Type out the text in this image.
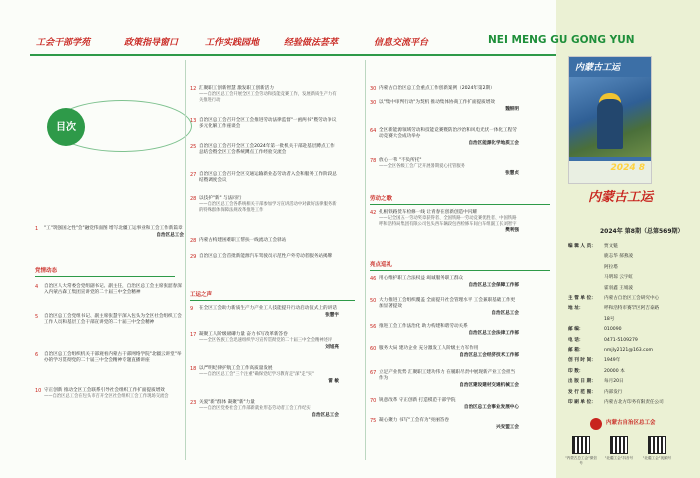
工会干部学苑	政策指导窗口	工作实践园地	经验做法荟萃	信息交流平台	NEI MENG GU GONG YUN
目次
1 "工"筑强国之性"会"融党伟面图 增写北疆工运事业和工会工作新篇章
自治区总工会
党情动态
4 自治区人大常委会党组副书记、副主任，自治区总工会主席张韶春深入内蒙古森工集团宣讲党的二十届三中全会精神
5 自治区总工会党组书记、副主席张慧宇深入包头为全区社会组织工会工作人员和基层工会干部宣讲党的二十届三中全会精神
6 自治区总工会组织机关干部观看内蒙古干部网络学院"北疆云讲堂"举办的学习贯彻党的二十届三中全会精神专题直播讲座
10 守正创新 推动全区工会联系引导社会组织工作扩面提质增效
——自治区总工会在包头市召开全区社会组织工会工作现场交流会
12 汇聚职工创新智慧 激发职工创新活力
——自治区总工会开展全区工会劳动和技能竞赛工作，发展新质生产力有关推进行动
13 自治区总工会召开全区工会推进劳动法律监督"一函两书"暨劳动争议多元化解工作座谈会
25 自治区总工会召开全区工会2024年第一批机关干部赴基层蹲点工作总结会暨全区工会系统蹲点工作经验交流会
27 自治区总工会召开全区交通运输新业态劳动者入会和服务工作阶段总结暨调度会议
28 以技护"新" 与法同行
——自治区总工会各系统相关干部参加学习宣讲活动中对做好法律服务新的特殊群体保障法规改革推进工作
28 内蒙古构建困难职工帮扶一线流动工会驿站
29 自治区总工会首批新能源汽车驾驶员示范性户外劳动者服务站揭牌
工运之声
9 在全区工会助力新质生产力产业工人技能提升行动启动仪式上的讲话
张慧宇
17 凝聚工人阶级磅礴力量 奋力书写改革新答卷
——全区各族工会迅速组织学习宣传贯彻党的二十届三中全会精神述评
刘旭亮
18 以严明纪律护航工会工作高质量发展
——自治区总工会"三个注重"确保党纪学习教育走"深"走"实"
雷 敏
23 关爱"新"群体 凝聚"新"力量
——自治区党委社会工作部新就业形态劳动者工会工作纪实
自治区总工会
30 内蒙古自治区总工会重点工作创新案例（2024年第2期）
30 以"集中审判行动"为契机 推动集体协商工作扩面提质增效
魏银明
64 全区新能源领域劳动和技能竞赛暨防治沙治和风电光伏一体化工程劳动竞赛大会成功举办
自治区能源化学地质工会
78 放心一苇 "不负所托"
——全区各级工会广泛开展暑期爱心托管服务
张慧贞
劳动之歌
42 扎根铁路货车检修一线 让青春在创新创造中闪耀
——记全国五一劳动奖章获得者、全国铁路一劳动竞赛优胜者、中国铁路呼和浩特局集团有限公司包头西车辆段包西检修车间白车组副工长刘智宇
樊利强
亮点巡礼
46 用心维护职工合法权益 竭诚服务职工群众
自治区总工会保障工作部
50 大力推进工会组织覆盖 全面提升社会管理水平 工会兼职基础工作更加显著提效
自治区总工会
56 推进工会工作法治化 助力构建和谐劳动关系
自治区总工会法律工作部
60 服务大局 建功企业 充分激发工人阶级主力军作用
自治区总工会经济技术工作部
67 立足产业优势 汇聚职工建功伟力 在履职尽责中展现新产业工会担当作为
自治区建设建材交通机械工会
70 锐意改革 守正创新 打造模范干部学院
自治区总工会事业发展中心
75 凝心聚力 书写"工会有为"亮丽答卷
兴安盟工会
内蒙古工运
2024 8
内蒙古工运
2024年 第8期（总第569期）
编 辑 人 员： 贾文魁
鹿志华 郝燕凌
阿拉塔
马明琼 云宇虹
霍羽鑫 王娟波
主 管 单 位： 内蒙古自治区工会研究中心
地 址：	呼和浩特市赛罕区阿吉泰路
18号
邮 编：	010090
电 话：	0471-5109279
邮 箱：	nmjly2121@163.com
创 刊 时 间： 1949年
印 数：	20000 本
出 版 日 期： 每月20日
发 行 范 围： 内部发行
印 刷 单 位： 内蒙古北方印务有限责任公司
内蒙古自治区总工会
"内蒙古总工会"微信号
"北疆工会"抖音号	"北疆工会"视频号
